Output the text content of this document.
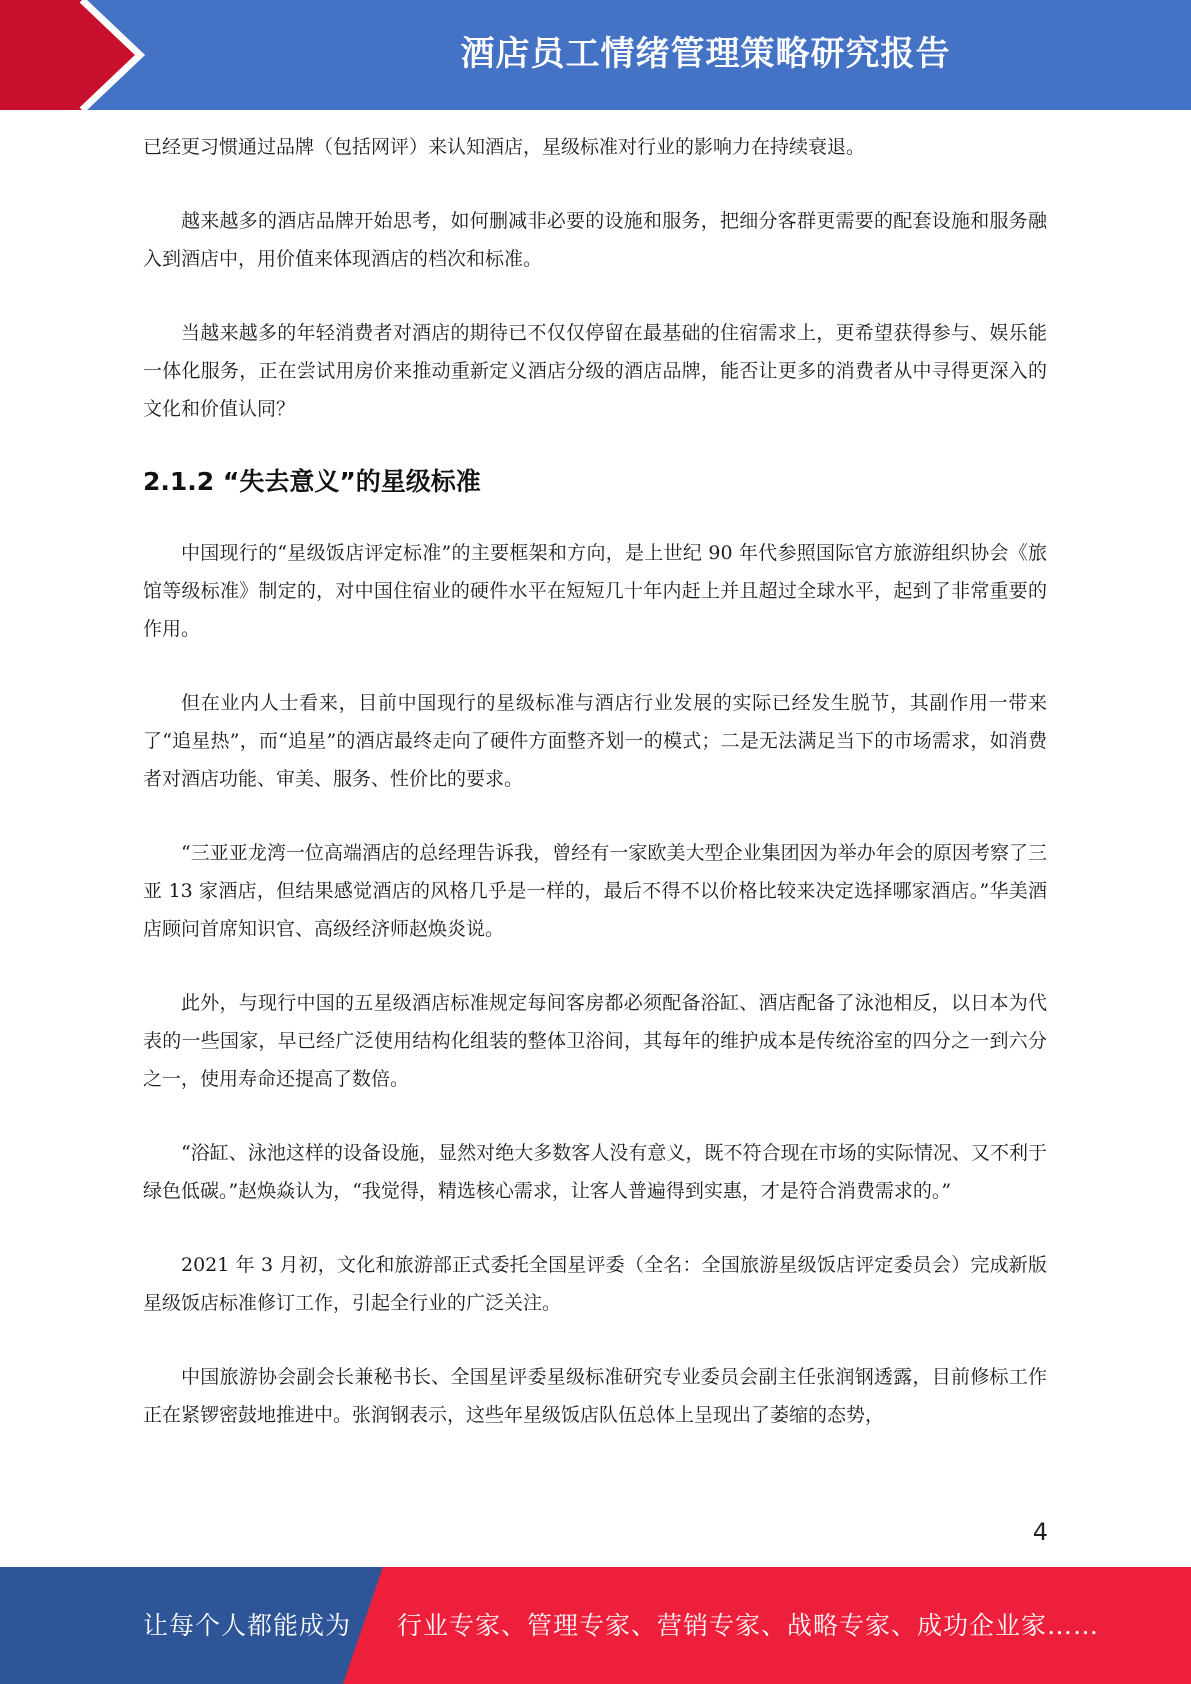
酒店员工情绪管理策略研究报告

已经更习惯通过品牌（包括网评）来认知酒店，星级标准对行业的影响力在持续衰退。

越来越多的酒店品牌开始思考，如何删减非必要的设施和服务，把细分客群更需要的配套设施和服务融入到酒店中，用价值来体现酒店的档次和标准。

当越来越多的年轻消费者对酒店的期待已不仅仅停留在最基础的住宿需求上，更希望获得参与、娱乐能一体化服务，正在尝试用房价来推动重新定义酒店分级的酒店品牌，能否让更多的消费者从中寻得更深入的文化和价值认同？

2.1.2 “失去意义”的星级标准

中国现行的“星级饭店评定标准”的主要框架和方向，是上世纪 90 年代参照国际官方旅游组织协会《旅馆等级标准》制定的，对中国住宿业的硬件水平在短短几十年内赶上并且超过全球水平，起到了非常重要的作用。

但在业内人士看来，目前中国现行的星级标准与酒店行业发展的实际已经发生脱节，其副作用一带来了“追星热”，而“追星”的酒店最终走向了硬件方面整齐划一的模式；二是无法满足当下的市场需求，如消费者对酒店功能、审美、服务、性价比的要求。

“三亚亚龙湾一位高端酒店的总经理告诉我，曾经有一家欧美大型企业集团因为举办年会的原因考察了三亚 13 家酒店，但结果感觉酒店的风格几乎是一样的，最后不得不以价格比较来决定选择哪家酒店。”华美酒店顾问首席知识官、高级经济师赵焕炎说。

此外，与现行中国的五星级酒店标准规定每间客房都必须配备浴缸、酒店配备了泳池相反，以日本为代表的一些国家，早已经广泛使用结构化组装的整体卫浴间，其每年的维护成本是传统浴室的四分之一到六分之一，使用寿命还提高了数倍。

“浴缸、泳池这样的设备设施，显然对绝大多数客人没有意义，既不符合现在市场的实际情况、又不利于绿色低碳。”赵焕焱认为，“我觉得，精选核心需求，让客人普遍得到实惠，才是符合消费需求的。”

2021 年 3 月初，文化和旅游部正式委托全国星评委（全名：全国旅游星级饭店评定委员会）完成新版星级饭店标准修订工作，引起全行业的广泛关注。

中国旅游协会副会长兼秘书长、全国星评委星级标准研究专业委员会副主任张润钢透露，目前修标工作正在紧锣密鼓地推进中。张润钢表示，这些年星级饭店队伍总体上呈现出了萎缩的态势，

4
让每个人都能成为 行业专家、管理专家、营销专家、战略专家、成功企业家……
